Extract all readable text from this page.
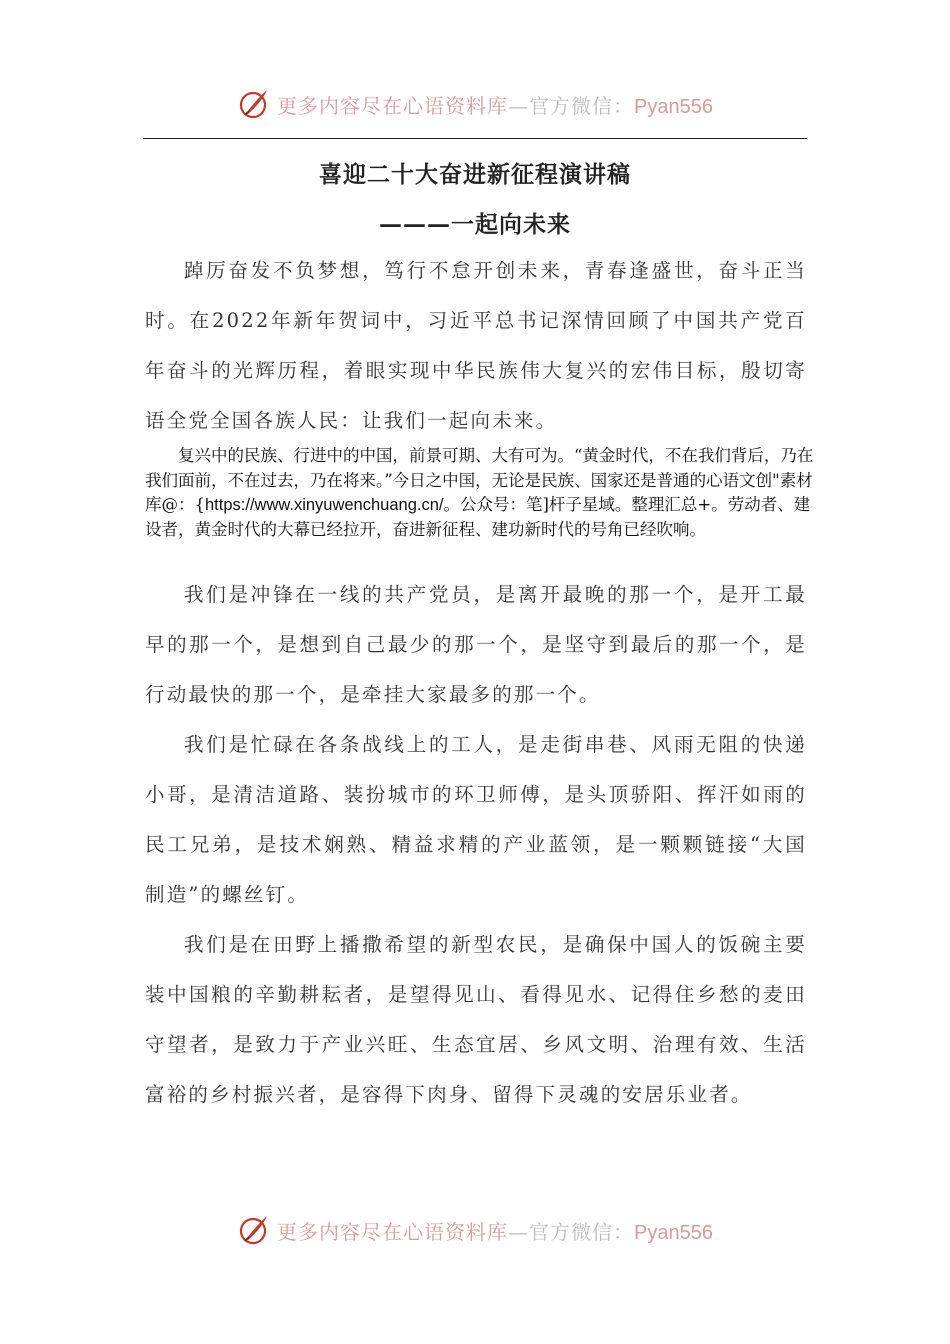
更多内容尽在心语资料库—官方微信：Pyan556
喜迎二十大奋进新征程演讲稿
———一起向未来

踔厉奋发不负梦想，笃行不怠开创未来，青春逢盛世，奋斗正当时。在2022年新年贺词中，习近平总书记深情回顾了中国共产党百年奋斗的光辉历程，着眼实现中华民族伟大复兴的宏伟目标，殷切寄语全党全国各族人民：让我们一起向未来。

复兴中的民族、行进中的中国，前景可期、大有可为。“黄金时代，不在我们背后，乃在我们面前，不在过去，乃在将来。”今日之中国，无论是民族、国家还是普通的心语文创"素材库@：{https://www.xinyuwenchuang.cn/。公众号：笔]杆子星域。整理汇总+。劳动者、建设者，黄金时代的大幕已经拉开，奋进新征程、建功新时代的号角已经吹响。

我们是冲锋在一线的共产党员，是离开最晚的那一个，是开工最早的那一个，是想到自己最少的那一个，是坚守到最后的那一个，是行动最快的那一个，是牵挂大家最多的那一个。

我们是忙碌在各条战线上的工人，是走街串巷、风雨无阻的快递小哥，是清洁道路、装扮城市的环卫师傅，是头顶骄阳、挥汗如雨的民工兄弟，是技术娴熟、精益求精的产业蓝领，是一颗颗链接“大国制造”的螺丝钉。

我们是在田野上播撒希望的新型农民，是确保中国人的饭碗主要装中国粮的辛勤耕耘者，是望得见山、看得见水、记得住乡愁的麦田守望者，是致力于产业兴旺、生态宜居、乡风文明、治理有效、生活富裕的乡村振兴者，是容得下肉身、留得下灵魂的安居乐业者。

更多内容尽在心语资料库—官方微信：Pyan556
